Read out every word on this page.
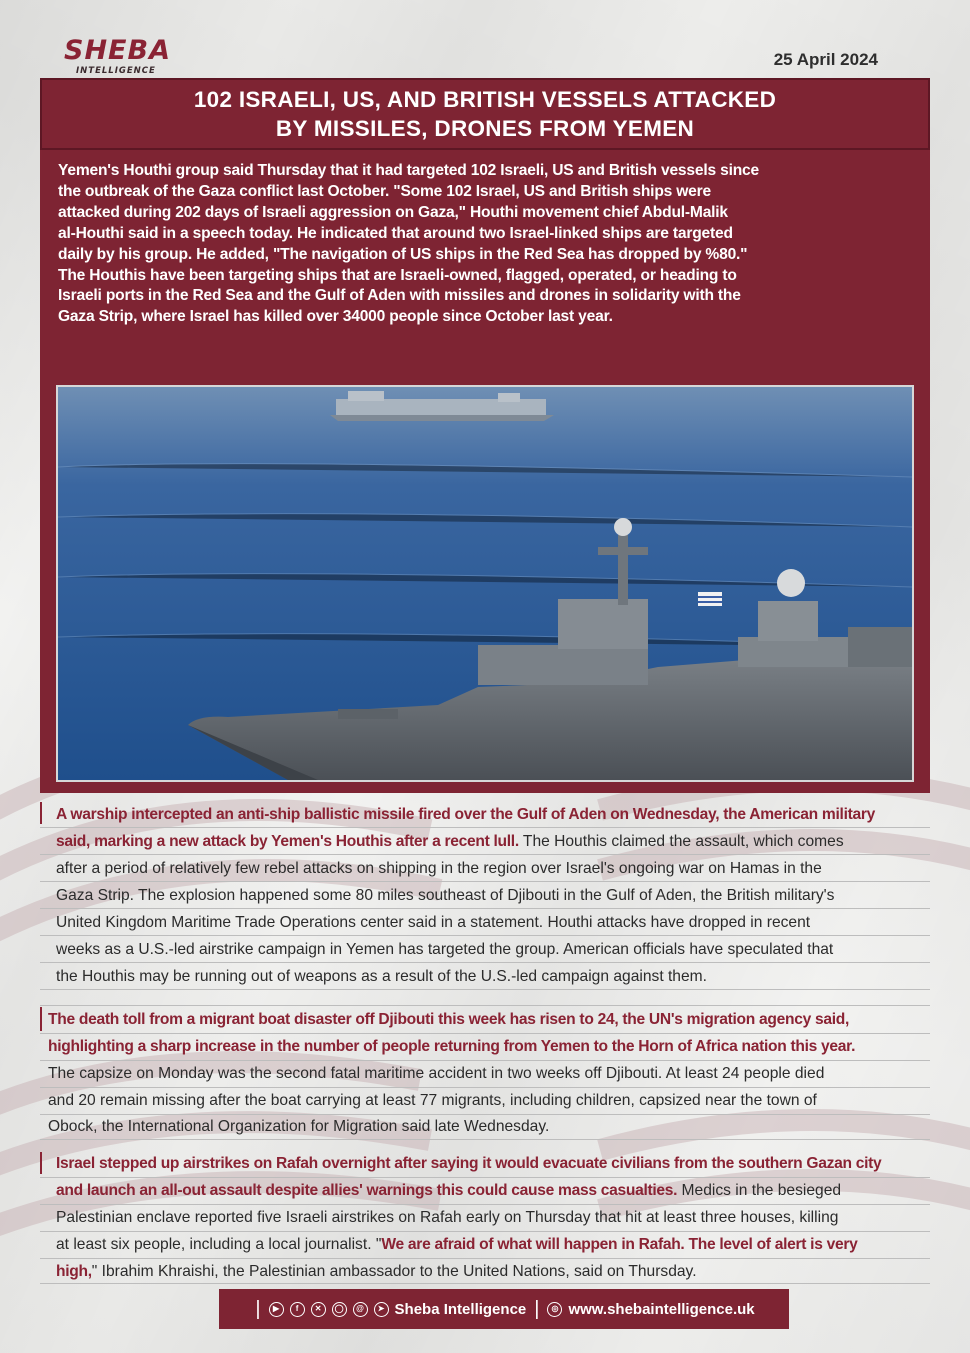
SHEBA
INTELLIGENCE
25 April 2024
102 ISRAELI, US, AND BRITISH VESSELS ATTACKED
BY MISSILES, DRONES FROM YEMEN
Yemen's Houthi group said Thursday that it had targeted 102 Israeli, US and British vessels since
the outbreak of the Gaza conflict last October. "Some 102 Israel, US and British ships were
attacked during 202 days of Israeli aggression on Gaza," Houthi movement chief Abdul-Malik
al-Houthi said in a speech today. He indicated that around two Israel-linked ships are targeted
daily by his group. He added, "The navigation of US ships in the Red Sea has dropped by %80."
The Houthis have been targeting ships that are Israeli-owned, flagged, operated, or heading to
Israeli ports in the Red Sea and the Gulf of Aden with missiles and drones in solidarity with the
Gaza Strip, where Israel has killed over 34000 people since October last year.
A warship intercepted an anti-ship ballistic missile fired over the Gulf of Aden on Wednesday, the American military
said, marking a new attack by Yemen's Houthis after a recent lull. The Houthis claimed the assault, which comes
after a period of relatively few rebel attacks on shipping in the region over Israel's ongoing war on Hamas in the
Gaza Strip. The explosion happened some 80 miles southeast of Djibouti in the Gulf of Aden, the British military's
United Kingdom Maritime Trade Operations center said in a statement. Houthi attacks have dropped in recent
weeks as a U.S.-led airstrike campaign in Yemen has targeted the group. American officials have speculated that
the Houthis may be running out of weapons as a result of the U.S.-led campaign against them.
The death toll from a migrant boat disaster off Djibouti this week has risen to 24, the UN's migration agency said,
highlighting a sharp increase in the number of people returning from Yemen to the Horn of Africa nation this year.
The capsize on Monday was the second fatal maritime accident in two weeks off Djibouti. At least 24 people died
and 20 remain missing after the boat carrying at least 77 migrants, including children, capsized near the town of
Obock, the International Organization for Migration said late Wednesday.
Israel stepped up airstrikes on Rafah overnight after saying it would evacuate civilians from the southern Gazan city
and launch an all-out assault despite allies' warnings this could cause mass casualties. Medics in the besieged
Palestinian enclave reported five Israeli airstrikes on Rafah early on Thursday that hit at least three houses, killing
at least six people, including a local journalist. "We are afraid of what will happen in Rafah. The level of alert is very
high," Ibrahim Khraishi, the Palestinian ambassador to the United Nations, said on Thursday.
|	▶	f	✕	◯	@	➤ Sheba Intelligence |	◎ www.shebaintelligence.uk
